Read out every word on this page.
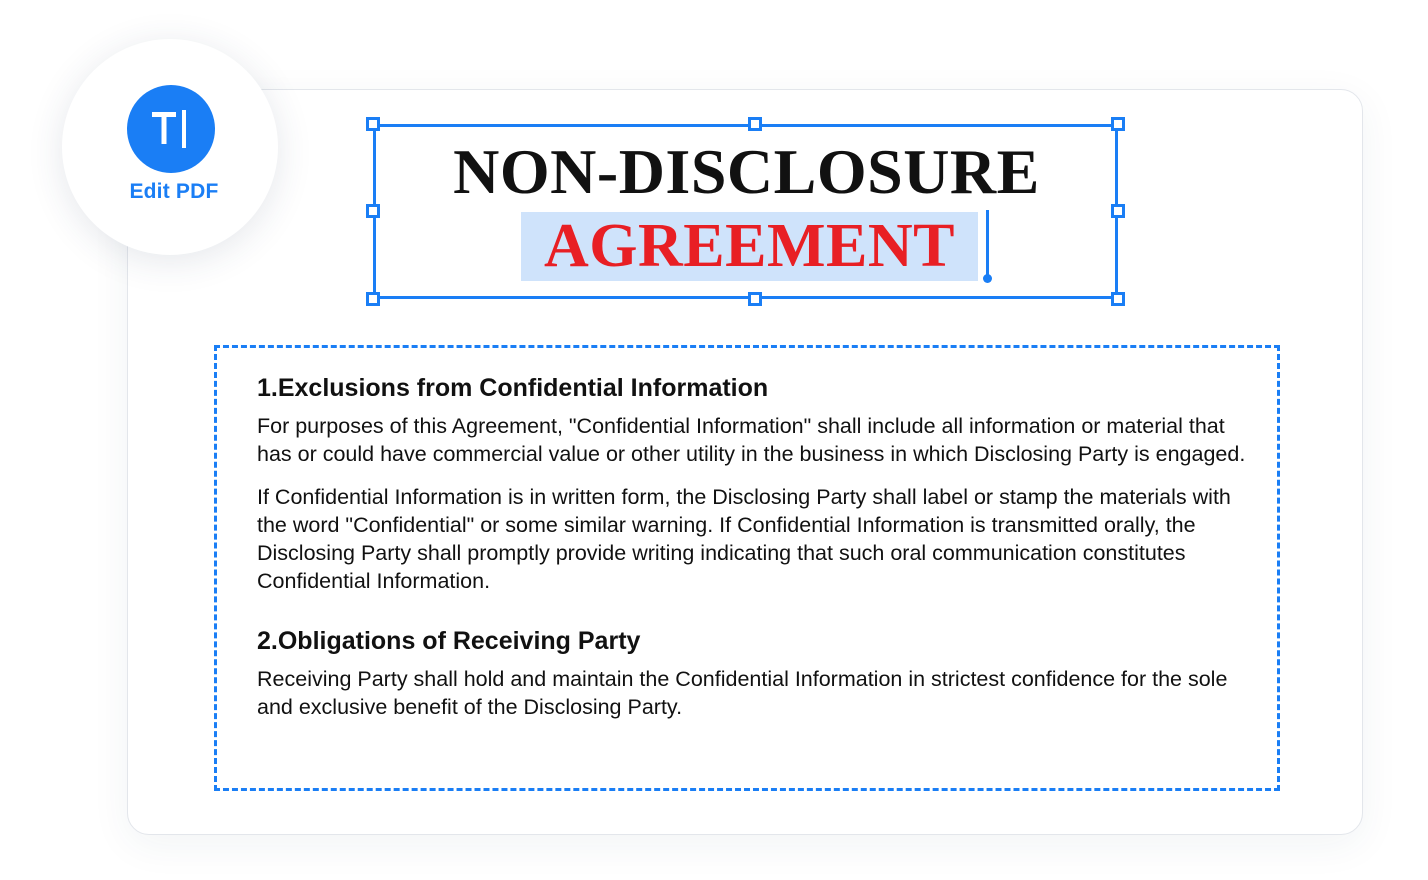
Edit PDF	NON-DISCLOSURE
AGREEMENT
1.Exclusions from Confidential Information

For purposes of this Agreement, "Confidential Information" shall include all information or material that has or could have commercial value or other utility in the business in which Disclosing Party is engaged.

If Confidential Information is in written form, the Disclosing Party shall label or stamp the materials with the word "Confidential" or some similar warning. If Confidential Information is transmitted orally, the Disclosing Party shall promptly provide writing indicating that such oral communication constitutes Confidential Information.

2.Obligations of Receiving Party

Receiving Party shall hold and maintain the Confidential Information in strictest confidence for the sole and exclusive benefit of the Disclosing Party.
